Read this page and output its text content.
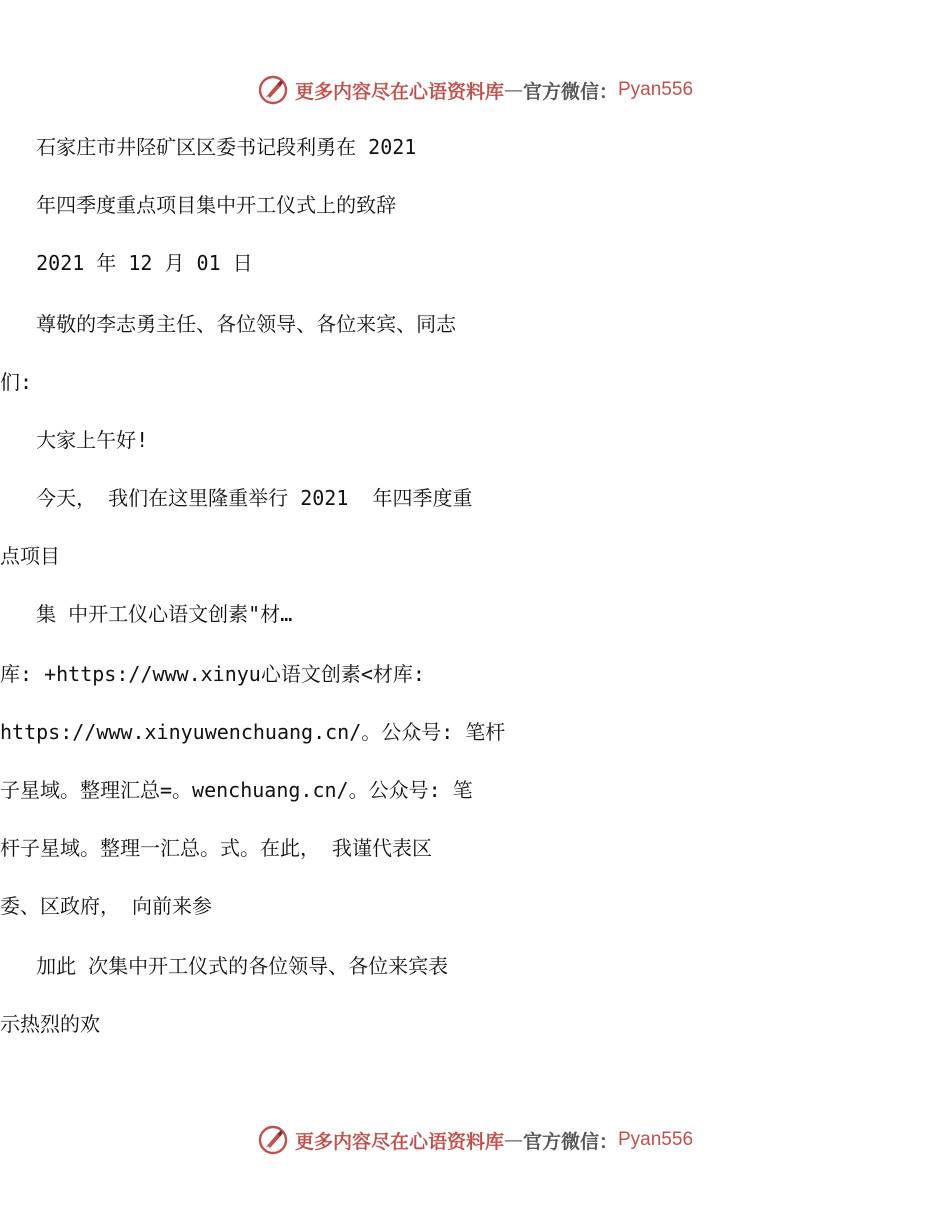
更多内容尽在心语资料库 — 官方微信： Pyan556
石家庄市井陉矿区区委书记段利勇在 2021
年四季度重点项目集中开工仪式上的致辞
2021 年 12 月 01 日
尊敬的李志勇主任、各位领导、各位来宾、同志
们:
大家上午好!
今天， 我们在这里隆重举行 2021  年四季度重
点项目
集 中开工仪心语文创素"材…
库: +https://www.xinyu心语文创素<材库:
https://www.xinyuwenchuang.cn/。公众号: 笔杆
子星域。整理汇总=。wenchuang.cn/。公众号: 笔
杆子星域。整理一汇总。式。在此， 我谨代表区
委、区政府， 向前来参
加此 次集中开工仪式的各位领导、各位来宾表
示热烈的欢
更多内容尽在心语资料库 — 官方微信： Pyan556
